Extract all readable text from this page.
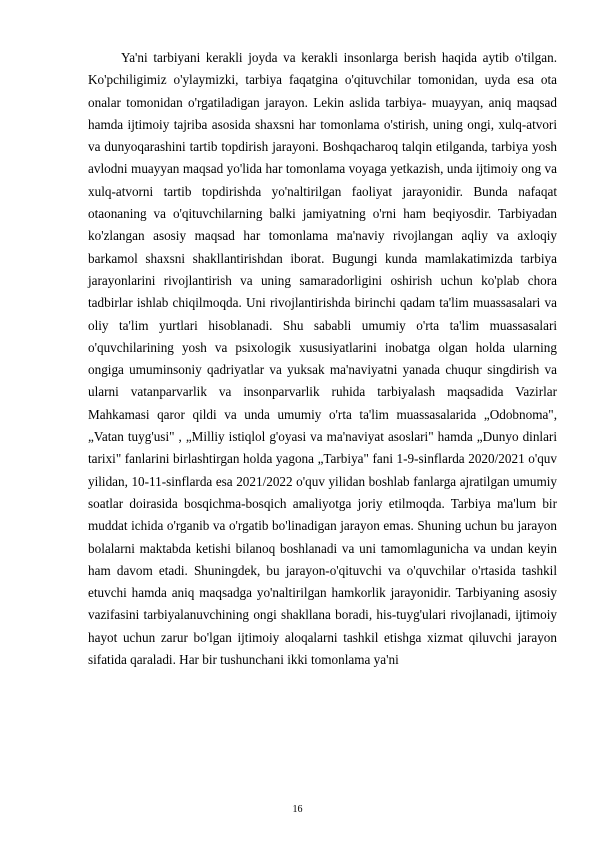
Ya'ni tarbiyani kerakli joyda va kerakli insonlarga berish haqida aytib o'tilgan. Ko'pchiligimiz o'ylaymizki, tarbiya faqatgina o'qituvchilar tomonidan, uyda esa ota onalar tomonidan o'rgatiladigan jarayon. Lekin aslida tarbiya- muayyan, aniq maqsad hamda ijtimoiy tajriba asosida shaxsni har tomonlama o'stirish, uning ongi, xulq-atvori va dunyoqarashini tartib topdirish jarayoni. Boshqacharoq talqin etilganda, tarbiya yosh avlodni muayyan maqsad yo'lida har tomonlama voyaga yetkazish, unda ijtimoiy ong va xulq-atvorni tartib topdirishda yo'naltirilgan faoliyat jarayonidir. Bunda nafaqat otaonaning va o'qituvchilarning balki jamiyatning o'rni ham beqiyosdir. Tarbiyadan ko'zlangan asosiy maqsad har tomonlama ma'naviy rivojlangan aqliy va axloqiy barkamol shaxsni shakllantirishdan iborat. Bugungi kunda mamlakatimizda tarbiya jarayonlarini rivojlantirish va uning samaradorligini oshirish uchun ko'plab chora tadbirlar ishlab chiqilmoqda. Uni rivojlantirishda birinchi qadam ta'lim muassasalari va oliy ta'lim yurtlari hisoblanadi. Shu sababli umumiy o'rta ta'lim muassasalari o'quvchilarining yosh va psixologik xususiyatlarini inobatga olgan holda ularning ongiga umuminsoniy qadriyatlar va yuksak ma'naviyatni yanada chuqur singdirish va ularni vatanparvarlik va insonparvarlik ruhida tarbiyalash maqsadida Vazirlar Mahkamasi qaror qildi va unda umumiy o'rta ta'lim muassasalarida „Odobnoma", „Vatan tuyg'usi" , „Milliy istiqlol g'oyasi va ma'naviyat asoslari" hamda „Dunyo dinlari tarixi" fanlarini birlashtirgan holda yagona „Tarbiya" fani 1-9-sinflarda 2020/2021 o'quv yilidan, 10-11-sinflarda esa 2021/2022 o'quv yilidan boshlab fanlarga ajratilgan umumiy soatlar doirasida bosqichma-bosqich amaliyotga joriy etilmoqda. Tarbiya ma'lum bir muddat ichida o'rganib va o'rgatib bo'linadigan jarayon emas. Shuning uchun bu jarayon bolalarni maktabda ketishi bilanoq boshlanadi va uni tamomlagunicha va undan keyin ham davom etadi. Shuningdek, bu jarayon-o'qituvchi va o'quvchilar o'rtasida tashkil etuvchi hamda aniq maqsadga yo'naltirilgan hamkorlik jarayonidir. Tarbiyaning asosiy vazifasini tarbiyalanuvchining ongi shakllana boradi, his-tuyg'ulari rivojlanadi, ijtimoiy hayot uchun zarur bo'lgan ijtimoiy aloqalarni tashkil etishga xizmat qiluvchi jarayon sifatida qaraladi. Har bir tushunchani ikki tomonlama ya'ni

16
